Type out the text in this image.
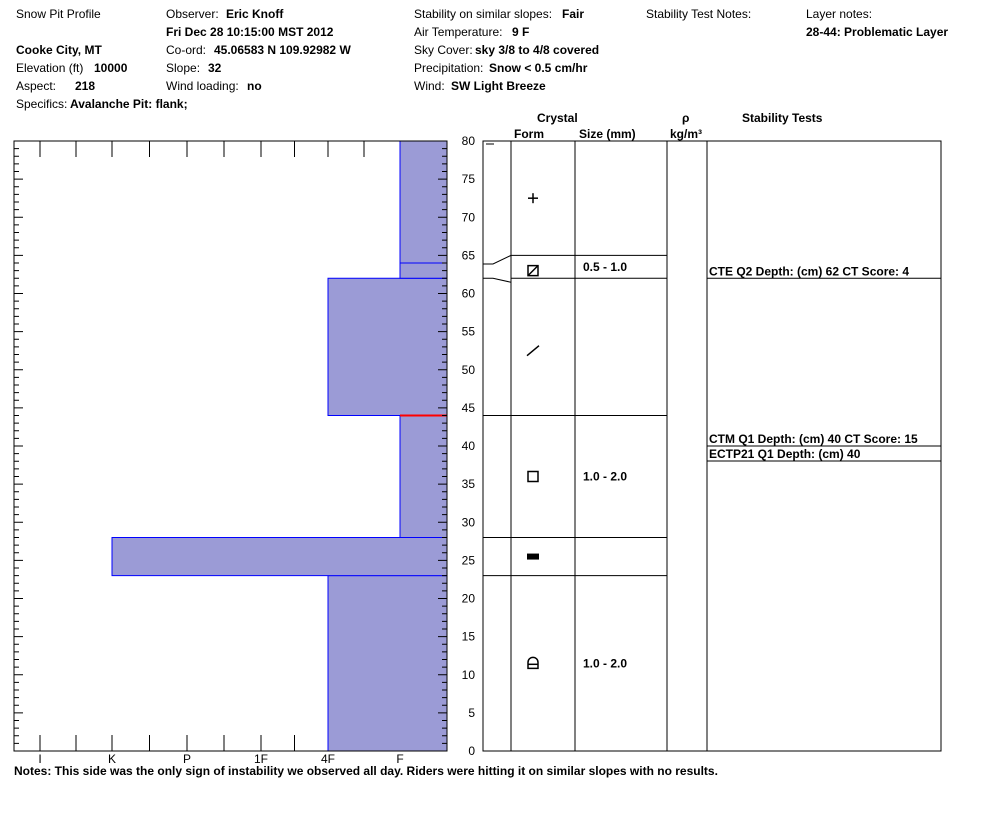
Snow Pit Profile
Cooke City, MT
Elevation (ft) 10000
Aspect: 218
Specifics: Avalanche Pit: flank;
Observer: Eric Knoff
Fri Dec 28 10:15:00 MST 2012
Co-ord: 45.06583 N 109.92982 W
Slope: 32
Wind loading: no
Stability on similar slopes: Fair
Air Temperature: 9 F
Sky Cover: sky 3/8 to 4/8 covered
Precipitation: Snow < 0.5 cm/hr
Wind: SW Light Breeze
Stability Test Notes:	Layer notes:
28-44: Problematic Layer
Crystal
Form	Size (mm)
ρ
kg/m³
Stability Tests
I	K	P	1F	4F	F
0
5
10
15
20
25
30
35
40
45
50
55
60
65
70
75
80
0.5 - 1.0
1.0 - 2.0
1.0 - 2.0
CTE Q2 Depth: (cm) 62 CT Score: 4
CTM Q1 Depth: (cm) 40 CT Score: 15
ECTP21 Q1 Depth: (cm) 40
Notes: This side was the only sign of instability we observed all day. Riders were hitting it on similar slopes with no results.
